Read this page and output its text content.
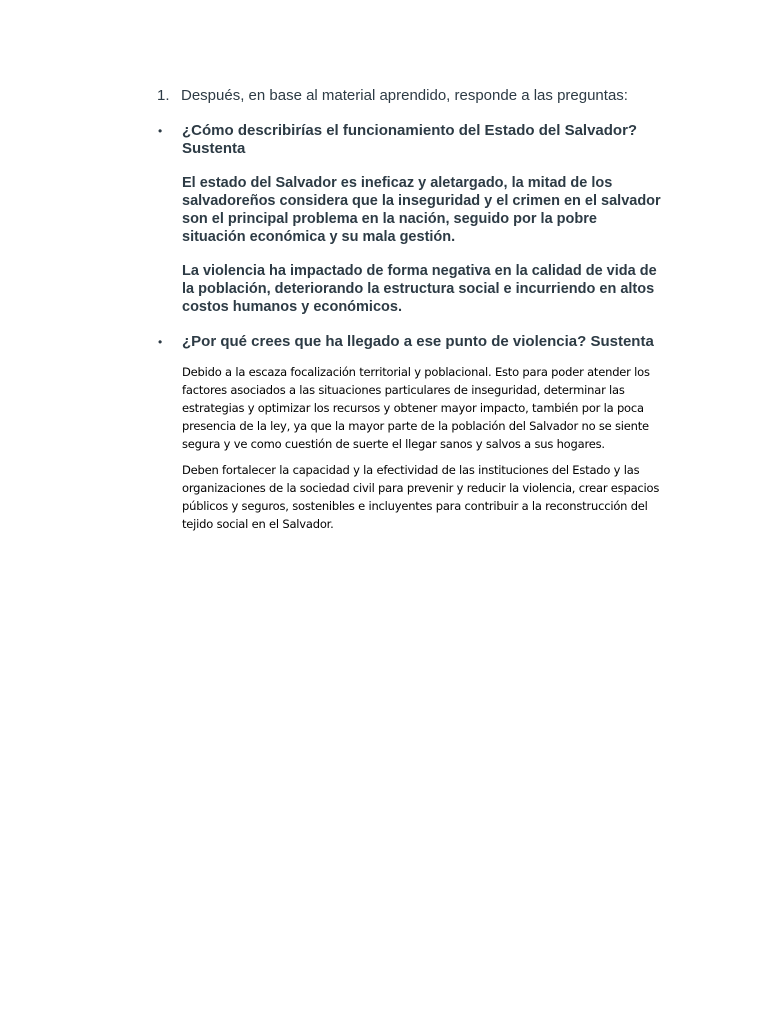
1. Después, en base al material aprendido, responde a las preguntas:

•	¿Cómo describirías el funcionamiento del Estado del Salvador? Sustenta

El estado del Salvador es ineficaz y aletargado, la mitad de los salvadoreños considera que la inseguridad y el crimen en el salvador son el principal problema en la nación, seguido por la pobre situación económica y su mala gestión.

La violencia ha impactado de forma negativa en la calidad de vida de la población, deteriorando la estructura social e incurriendo en altos costos humanos y económicos.

•	¿Por qué crees que ha llegado a ese punto de violencia? Sustenta

Debido a la escaza focalización territorial y poblacional. Esto para poder atender los factores asociados a las situaciones particulares de inseguridad, determinar las estrategias y optimizar los recursos y obtener mayor impacto, también por la poca presencia de la ley, ya que la mayor parte de la población del Salvador no se siente segura y ve como cuestión de suerte el llegar sanos y salvos a sus hogares.

Deben fortalecer la capacidad y la efectividad de las instituciones del Estado y las organizaciones de la sociedad civil para prevenir y reducir la violencia, crear espacios públicos y seguros, sostenibles e incluyentes para contribuir a la reconstrucción del tejido social en el Salvador.
